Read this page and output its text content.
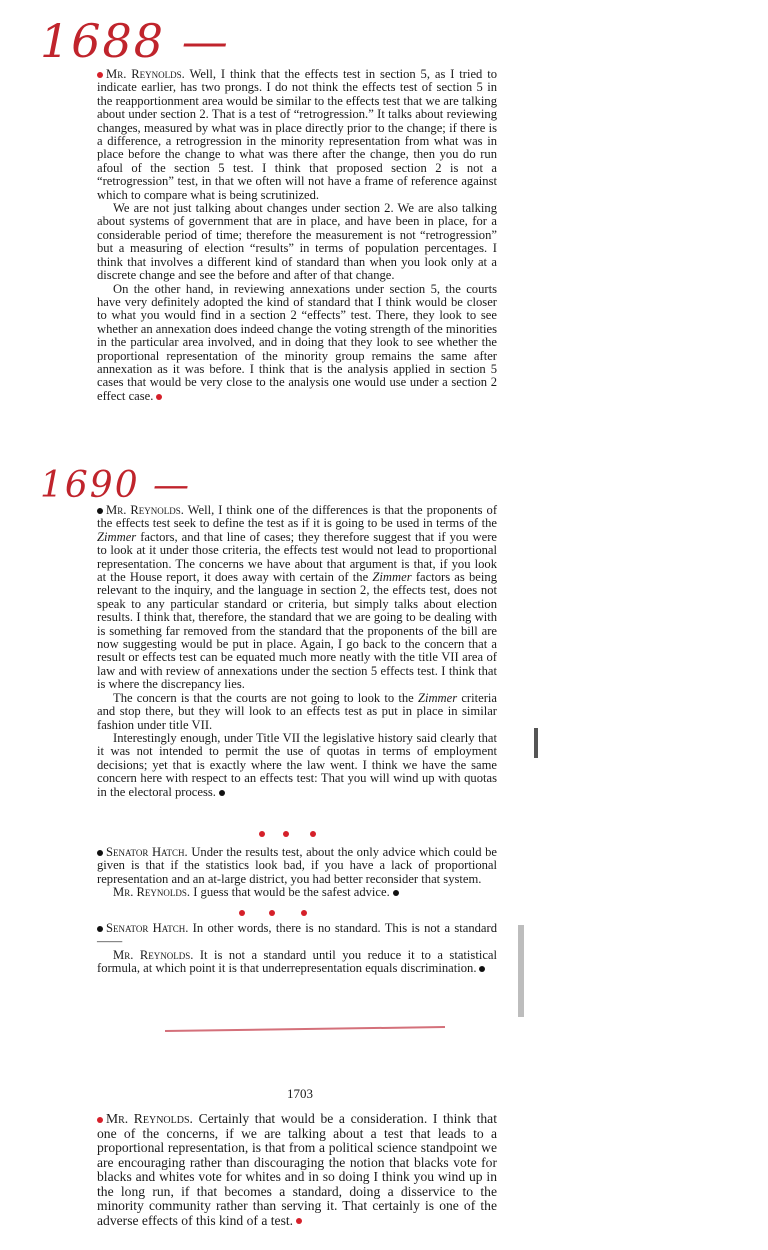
1688 —
1690 —

Mr. Reynolds. Well, I think that the effects test in section 5, as I tried to indicate earlier, has two prongs. I do not think the effects test of section 5 in the reapportionment area would be similar to the effects test that we are talking about under section 2. That is a test of “retrogression.” It talks about reviewing changes, measured by what was in place directly prior to the change; if there is a difference, a retrogression in the minority representation from what was in place before the change to what was there after the change, then you do run afoul of the section 5 test. I think that proposed section 2 is not a “retrogression” test, in that we often will not have a frame of reference against which to compare what is being scrutinized.

We are not just talking about changes under section 2. We are also talking about systems of government that are in place, and have been in place, for a considerable period of time; therefore the measurement is not “retrogression” but a measuring of election “results” in terms of population percentages. I think that involves a different kind of standard than when you look only at a discrete change and see the before and after of that change.

On the other hand, in reviewing annexations under section 5, the courts have very definitely adopted the kind of standard that I think would be closer to what you would find in a section 2 “effects” test. There, they look to see whether an annexation does indeed change the voting strength of the minorities in the particular area involved, and in doing that they look to see whether the proportional representation of the minority group remains the same after annexation as it was before. I think that is the analysis applied in section 5 cases that would be very close to the analysis one would use under a section 2 effect case.

Mr. Reynolds. Well, I think one of the differences is that the proponents of the effects test seek to define the test as if it is going to be used in terms of the Zimmer factors, and that line of cases; they therefore suggest that if you were to look at it under those criteria, the effects test would not lead to proportional representation. The concerns we have about that argument is that, if you look at the House report, it does away with certain of the Zimmer factors as being relevant to the inquiry, and the language in section 2, the effects test, does not speak to any particular standard or criteria, but simply talks about election results. I think that, therefore, the standard that we are going to be dealing with is something far removed from the standard that the proponents of the bill are now suggesting would be put in place. Again, I go back to the concern that a result or effects test can be equated much more neatly with the title VII area of law and with review of annexations under the section 5 effects test. I think that is where the discrepancy lies.

The concern is that the courts are not going to look to the Zimmer criteria and stop there, but they will look to an effects test as put in place in similar fashion under title VII.

Interestingly enough, under Title VII the legislative history said clearly that it was not intended to permit the use of quotas in terms of employment decisions; yet that is exactly where the law went. I think we have the same concern here with respect to an effects test: That you will wind up with quotas in the electoral process.

Senator Hatch. Under the results test, about the only advice which could be given is that if the statistics look bad, if you have a lack of proportional representation and an at-large district, you had better reconsider that system.

Mr. Reynolds. I guess that would be the safest advice.

Senator Hatch. In other words, there is no standard. This is not a standard——

Mr. Reynolds. It is not a standard until you reduce it to a statistical formula, at which point it is that underrepresentation equals discrimination.

1703

Mr. Reynolds. Certainly that would be a consideration. I think that one of the concerns, if we are talking about a test that leads to a proportional representation, is that from a political science standpoint we are encouraging rather than discouraging the notion that blacks vote for blacks and whites vote for whites and in so doing I think you wind up in the long run, if that becomes a standard, doing a disservice to the minority community rather than serving it. That certainly is one of the adverse effects of this kind of a test.
